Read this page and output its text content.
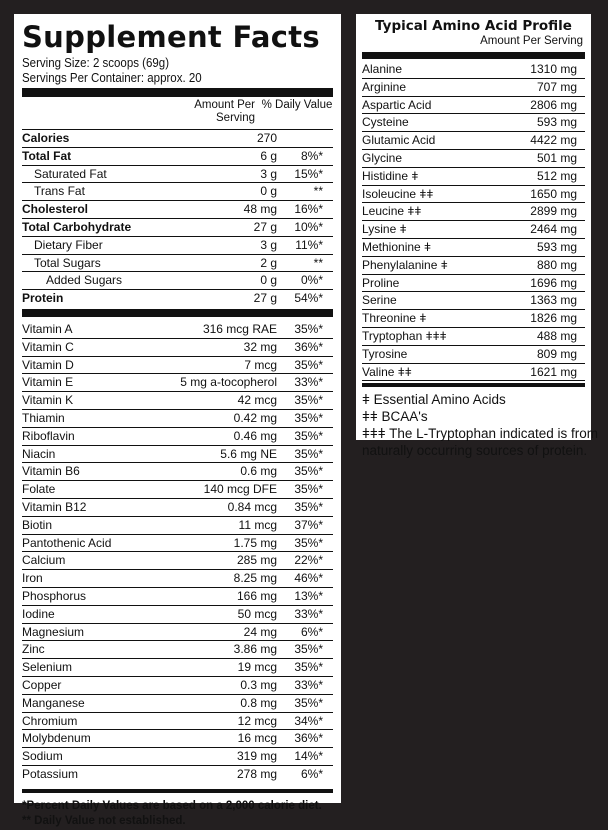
Supplement Facts
Serving Size: 2 scoops (69g)
Servings Per Container: approx. 20
Amount Per Serving
% Daily Value
Calories	270
Total Fat	6 g	8%*
Saturated Fat	3 g	15%*
Trans Fat	0 g	**
Cholesterol	48 mg	16%*
Total Carbohydrate	27 g	10%*
Dietary Fiber	3 g	11%*
Total Sugars	2 g	**
Added Sugars	0 g	0%*
Protein	27 g	54%*
Vitamin A	316 mcg RAE	35%*
Vitamin C	32 mg	36%*
Vitamin D	7 mcg	35%*
Vitamin E	5 mg a-tocopherol	33%*
Vitamin K	42 mcg	35%*
Thiamin	0.42 mg	35%*
Riboflavin	0.46 mg	35%*
Niacin	5.6 mg NE	35%*
Vitamin B6	0.6 mg	35%*
Folate	140 mcg DFE	35%*
Vitamin B12	0.84 mcg	35%*
Biotin	11 mcg	37%*
Pantothenic Acid	1.75 mg	35%*
Calcium	285 mg	22%*
Iron	8.25 mg	46%*
Phosphorus	166 mg	13%*
Iodine	50 mcg	33%*
Magnesium	24 mg	6%*
Zinc	3.86 mg	35%*
Selenium	19 mcg	35%*
Copper	0.3 mg	33%*
Manganese	0.8 mg	35%*
Chromium	12 mcg	34%*
Molybdenum	16 mcg	36%*
Sodium	319 mg	14%*
Potassium	278 mg	6%*
*Percent Daily Values are based on a 2,000 calorie diet.
** Daily Value not established.
Typical Amino Acid Profile
Amount Per Serving
Alanine	1310 mg
Arginine	707 mg
Aspartic Acid	2806 mg
Cysteine	593 mg
Glutamic Acid	4422 mg
Glycine	501 mg
Histidine ǂ	512 mg
Isoleucine ǂǂ	1650 mg
Leucine ǂǂ	2899 mg
Lysine ǂ	2464 mg
Methionine ǂ	593 mg
Phenylalanine ǂ	880 mg
Proline	1696 mg
Serine	1363 mg
Threonine ǂ	1826 mg
Tryptophan ǂǂǂ	488 mg
Tyrosine	809 mg
Valine ǂǂ	1621 mg
ǂ Essential Amino Acids
ǂǂ BCAA's
ǂǂǂ The L-Tryptophan indicated is from
naturally occurring sources of protein.
